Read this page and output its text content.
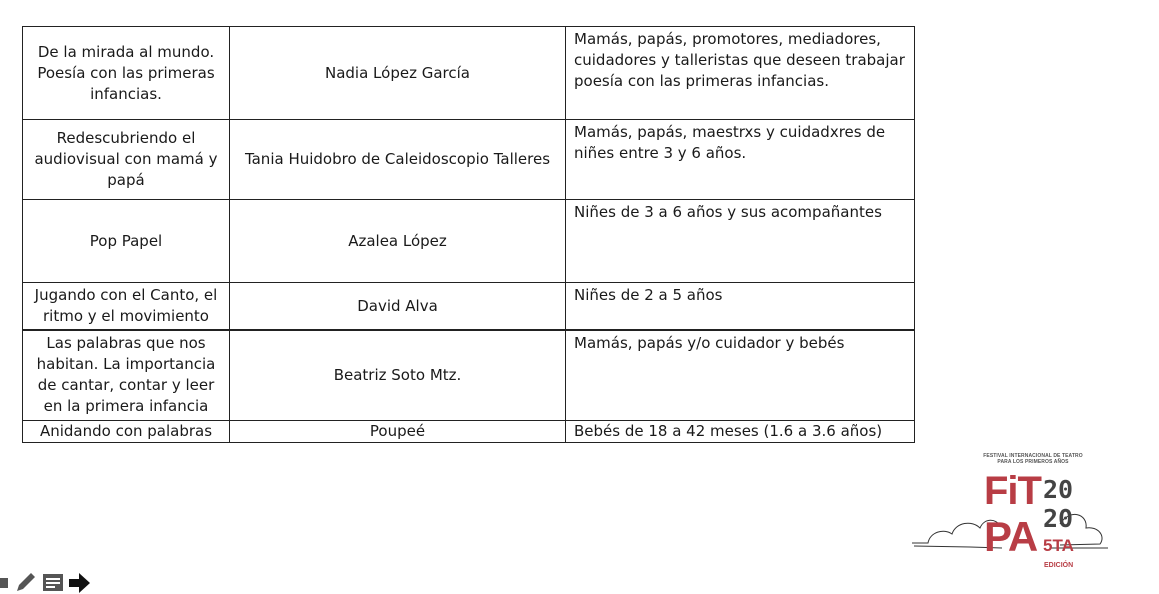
De la mirada al mundo. Poesía con las primeras infancias.	Nadia López García	Mamás, papás, promotores, mediadores, cuidadores y talleristas que deseen trabajar poesía con las primeras infancias.
Redescubriendo el audiovisual con mamá y papá	Tania Huidobro de Caleidoscopio Talleres	Mamás, papás, maestrxs y cuidadxres de niñes entre 3 y 6 años.
Pop Papel	Azalea López	Niñes de 3 a 6 años y sus acompañantes
Jugando con el Canto, el ritmo y el movimiento	David Alva	Niñes de 2 a 5 años
Las palabras que nos habitan. La importancia de cantar, contar y leer en la primera infancia	Beatriz Soto Mtz.	Mamás, papás y/o cuidador y bebés
Anidando con palabras	Poupeé	Bebés de 18 a 42 meses (1.6 a 3.6 años)
FESTIVAL INTERNACIONAL DE TEATRO
PARA LOS PRIMEROS AÑOS
FiT
PA
20
20
5TA
EDICIÓN
